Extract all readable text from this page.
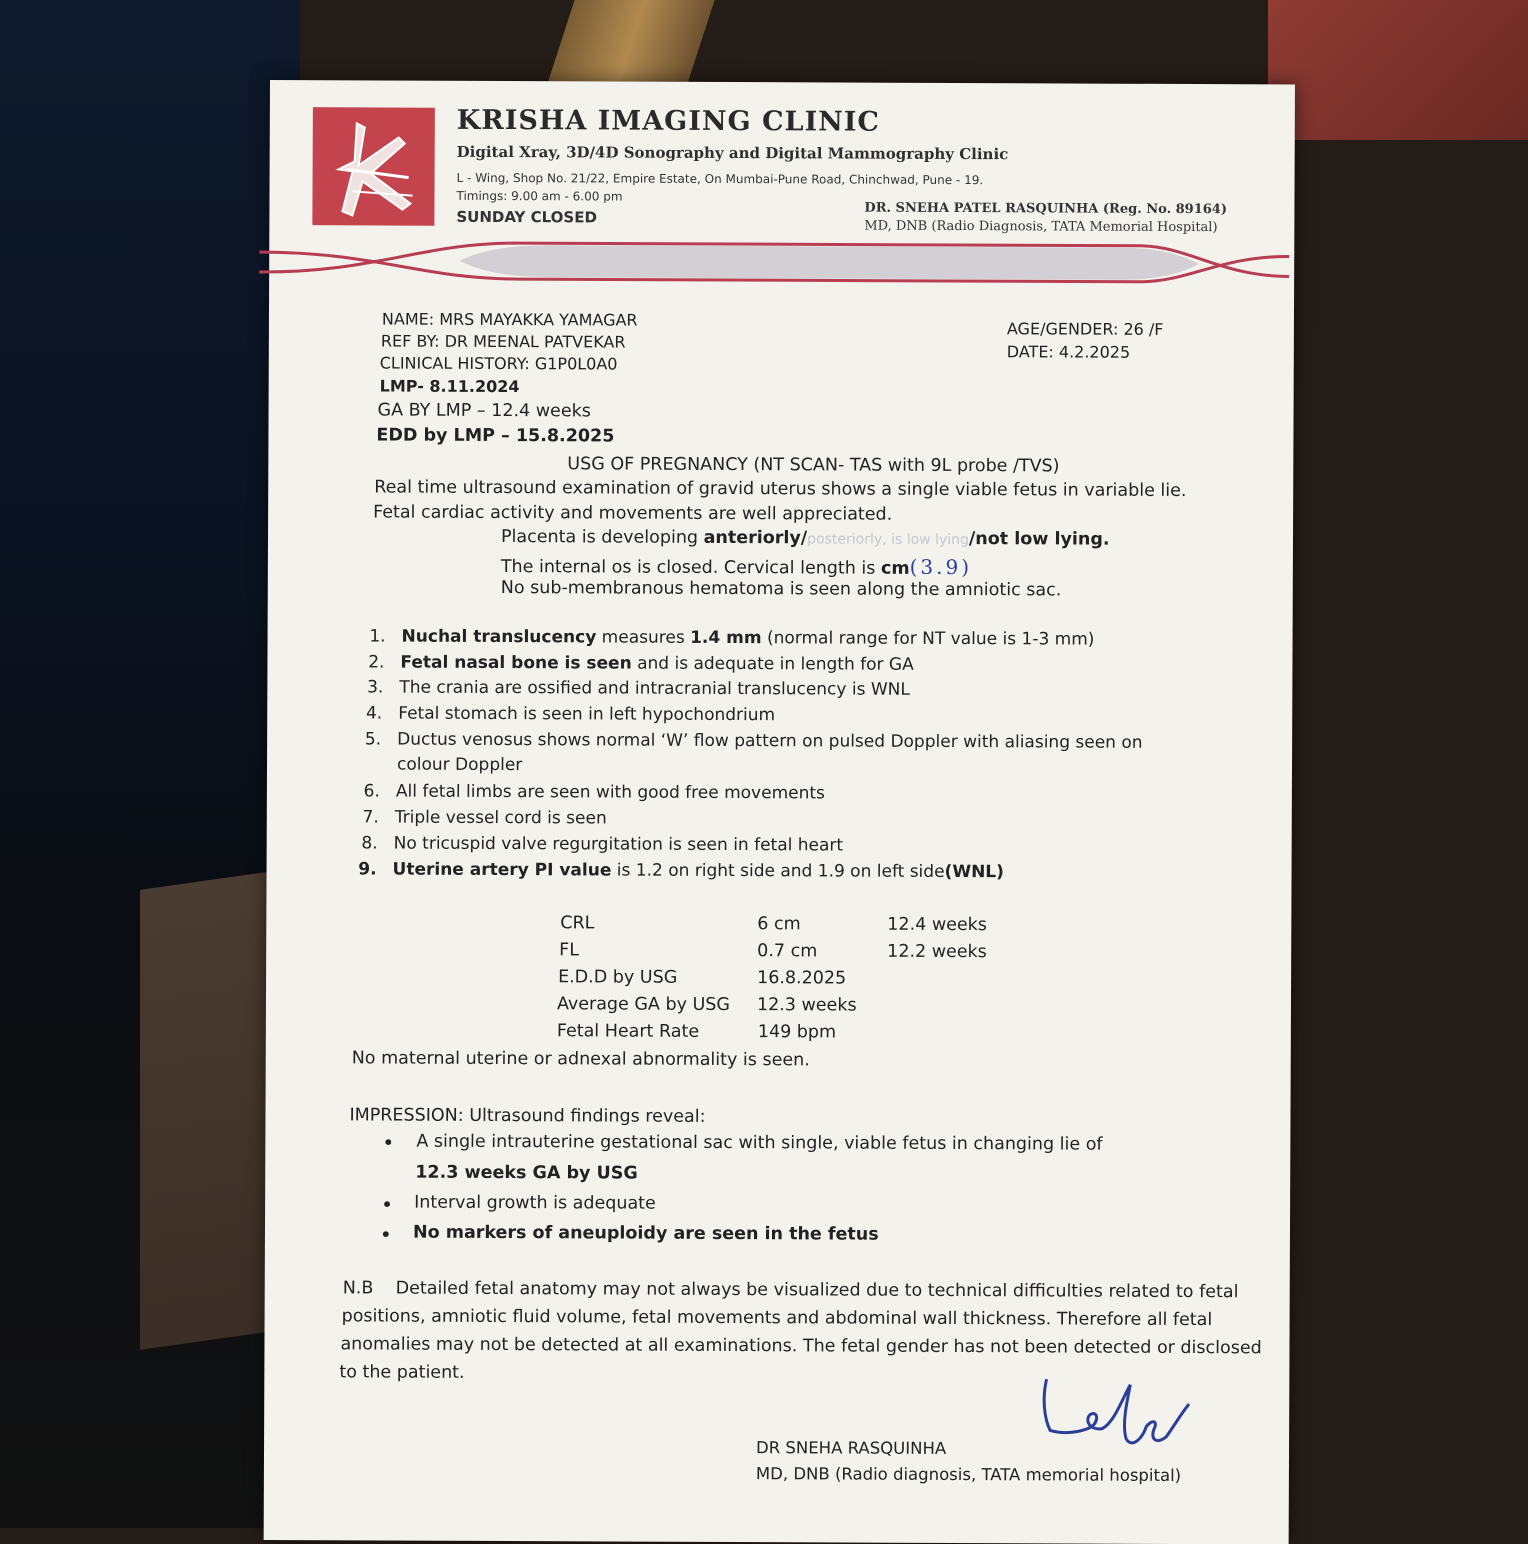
KRISHA IMAGING CLINIC
Digital Xray, 3D/4D Sonography and Digital Mammography Clinic
L - Wing, Shop No. 21/22, Empire Estate, On Mumbai-Pune Road, Chinchwad, Pune - 19.
Timings: 9.00 am - 6.00 pm
SUNDAY CLOSED	DR. SNEHA PATEL RASQUINHA (Reg. No. 89164)
MD, DNB (Radio Diagnosis, TATA Memorial Hospital)
NAME: MRS MAYAKKA YAMAGAR
REF BY: DR MEENAL PATVEKAR
CLINICAL HISTORY: G1P0L0A0
LMP- 8.11.2024
GA BY LMP – 12.4 weeks
EDD by LMP – 15.8.2025
AGE/GENDER: 26 /F
DATE: 4.2.2025
USG OF PREGNANCY (NT SCAN- TAS with 9L probe /TVS)
Real time ultrasound examination of gravid uterus shows a single viable fetus in variable lie.
Fetal cardiac activity and movements are well appreciated.
Placenta is developing anteriorly/posteriorly, is low lying/not low lying.
The internal os is closed. Cervical length is cm(3.9)
No sub-membranous hematoma is seen along the amniotic sac.
1. Nuchal translucency measures 1.4 mm (normal range for NT value is 1-3 mm)
2. Fetal nasal bone is seen and is adequate in length for GA
3. The crania are ossified and intracranial translucency is WNL
4. Fetal stomach is seen in left hypochondrium
5. Ductus venosus shows normal ‘W’ flow pattern on pulsed Doppler with aliasing seen on
colour Doppler
6. All fetal limbs are seen with good free movements
7. Triple vessel cord is seen
8. No tricuspid valve regurgitation is seen in fetal heart
9. Uterine artery PI value is 1.2 on right side and 1.9 on left side(WNL)
CRL	6 cm	12.4 weeks
FL	0.7 cm	12.2 weeks
E.D.D by USG	16.8.2025
Average GA by USG 12.3 weeks
Fetal Heart Rate	149 bpm
No maternal uterine or adnexal abnormality is seen.
IMPRESSION: Ultrasound findings reveal:
• A single intrauterine gestational sac with single, viable fetus in changing lie of
12.3 weeks GA by USG
• Interval growth is adequate
• No markers of aneuploidy are seen in the fetus
N.B    Detailed fetal anatomy may not always be visualized due to technical difficulties related to fetal
positions, amniotic fluid volume, fetal movements and abdominal wall thickness. Therefore all fetal
anomalies may not be detected at all examinations. The fetal gender has not been detected or disclosed
to the patient.
DR SNEHA RASQUINHA
MD, DNB (Radio diagnosis, TATA memorial hospital)
